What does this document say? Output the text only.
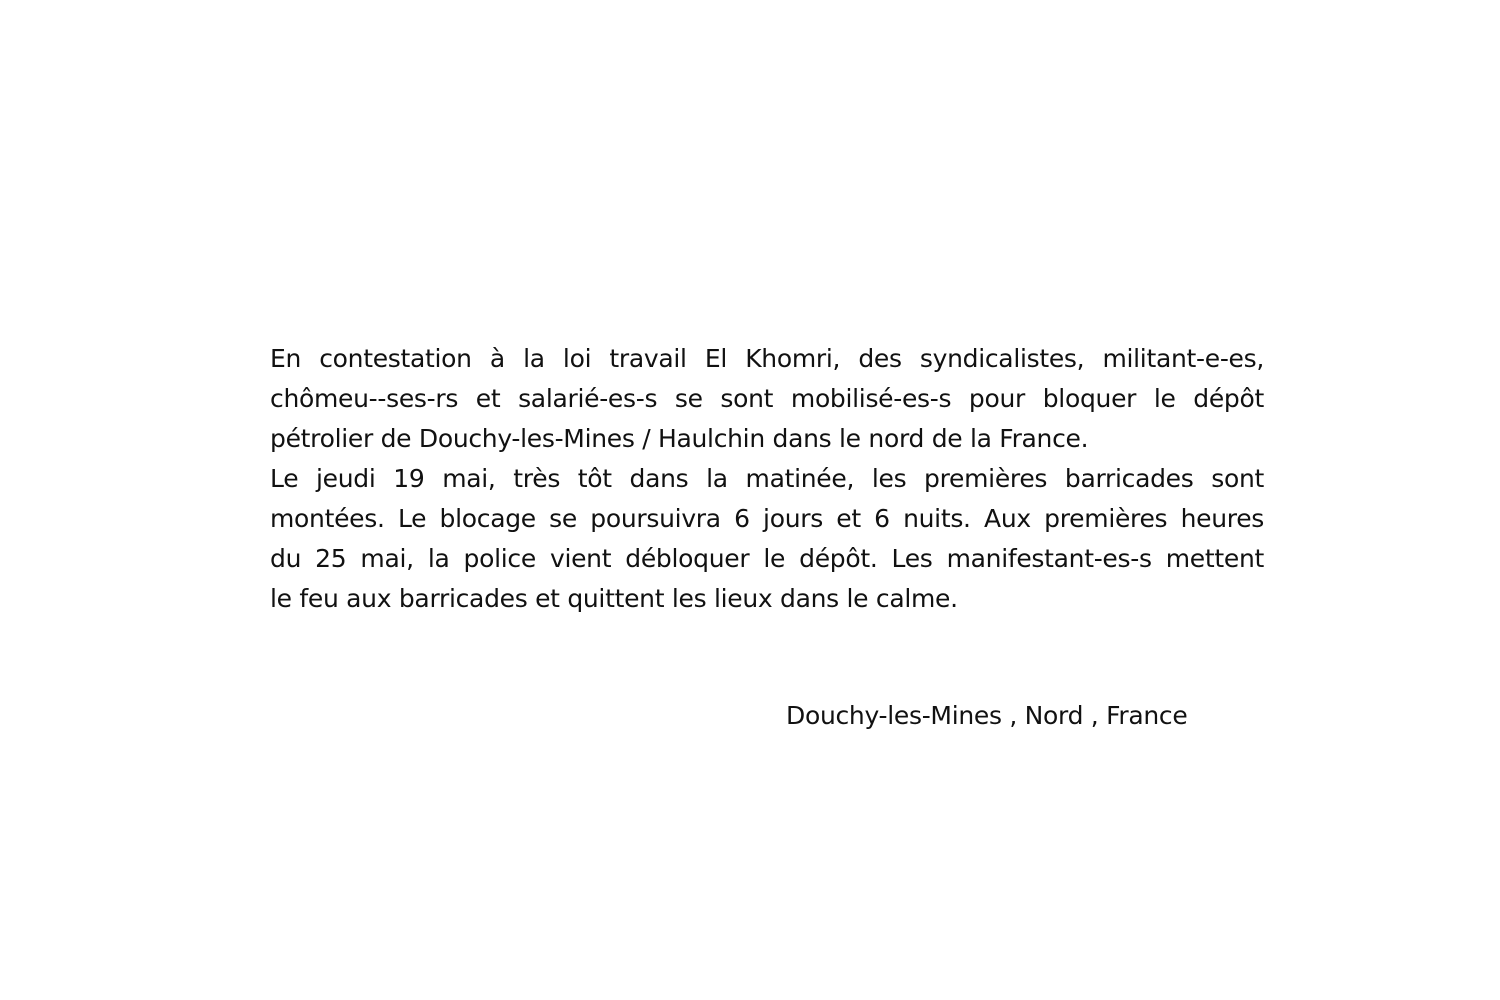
En contestation à la loi travail El Khomri, des syndicalistes, militant-e-es,
chômeu--ses-rs et salarié-es-s se sont mobilisé-es-s pour bloquer le dépôt
pétrolier de Douchy-les-Mines / Haulchin dans le nord de la France.
Le jeudi 19 mai, très tôt dans la matinée, les premières barricades sont
montées. Le blocage se poursuivra 6 jours et 6 nuits. Aux premières heures
du 25 mai, la police vient débloquer le dépôt. Les manifestant-es-s mettent
le feu aux barricades et quittent les lieux dans le calme.
Douchy-les-Mines , Nord , France
